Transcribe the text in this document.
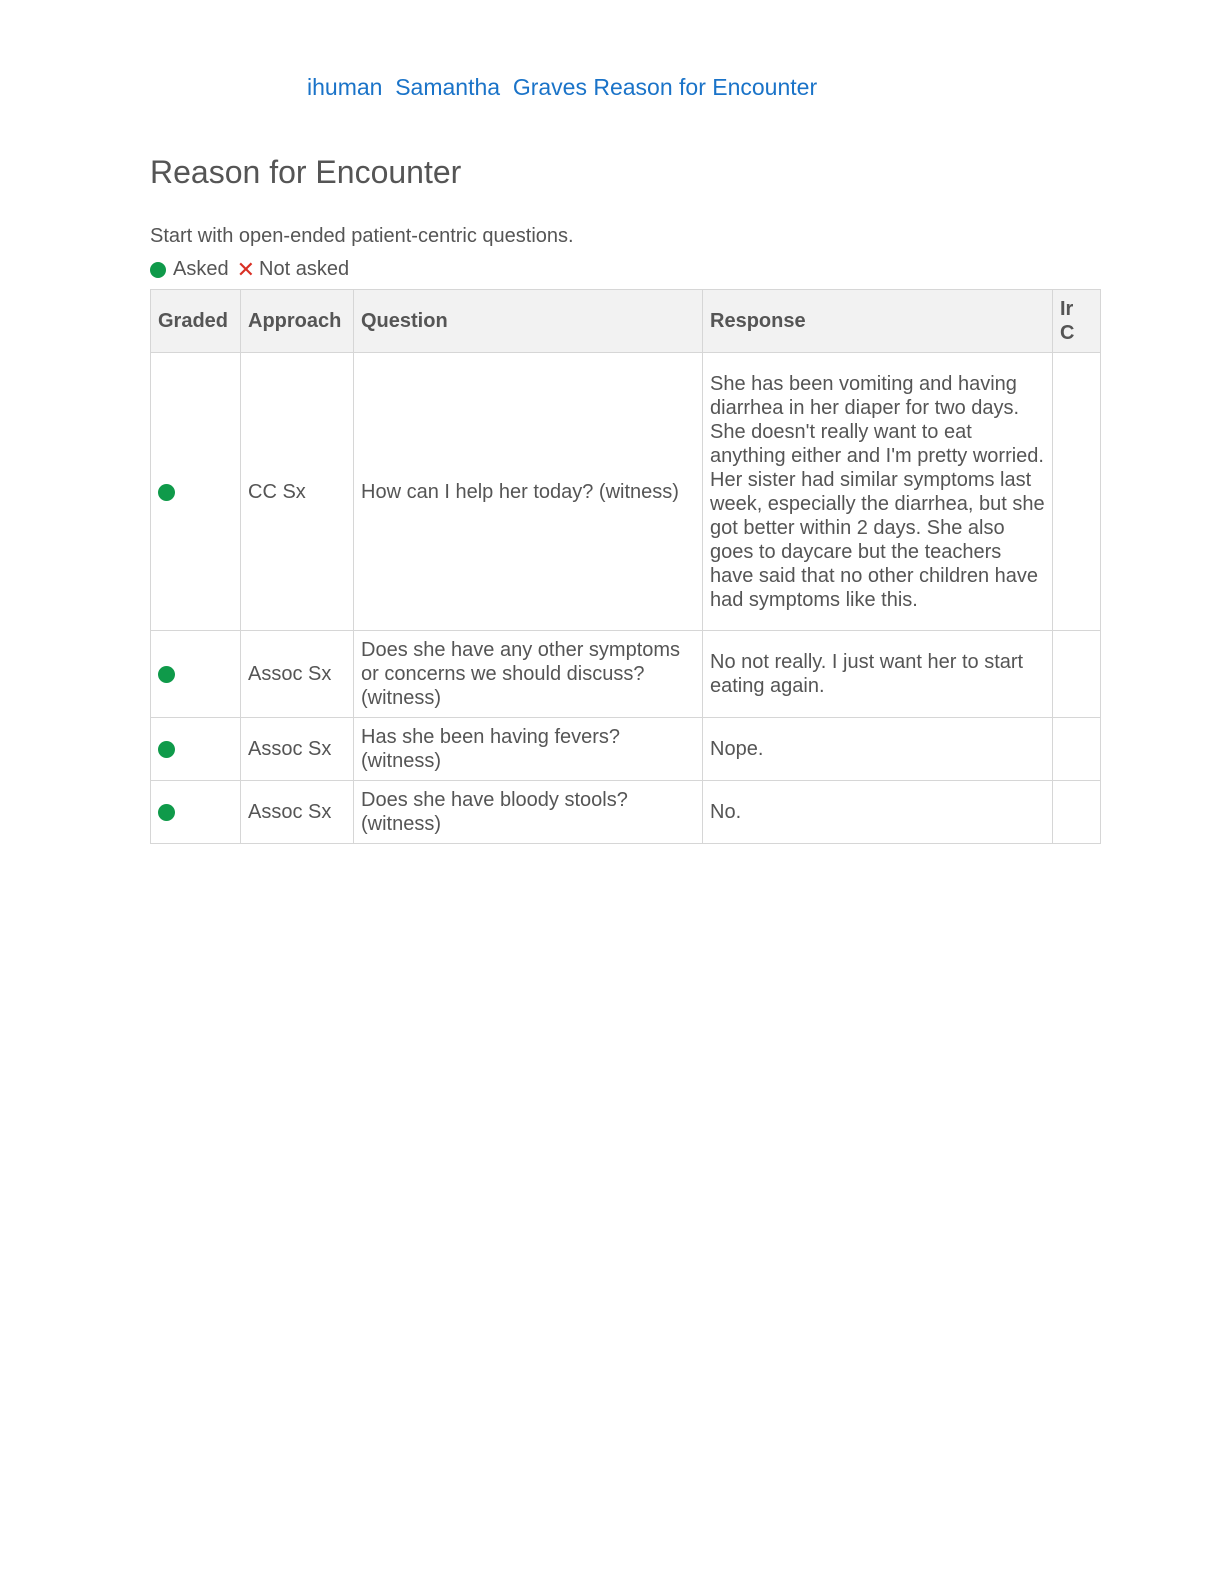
ihuman  Samantha  Graves Reason for Encounter
Reason for Encounter
Start with open-ended patient-centric questions.
Asked ✕ Not asked
Graded	Approach	Question	Response	Ir
C
	CC Sx	How can I help her today? (witness)	She has been vomiting and having diarrhea in her diaper for two days. She doesn't really want to eat anything either and I'm pretty worried. Her sister had similar symptoms last week, especially the diarrhea, but she got better within 2 days. She also goes to daycare but the teachers have said that no other children have had symptoms like this.	
	Assoc Sx	Does she have any other symptoms or concerns we should discuss? (witness)	No not really. I just want her to start eating again.	
	Assoc Sx	Has she been having fevers? (witness)	Nope.	
	Assoc Sx	Does she have bloody stools? (witness)	No.	
